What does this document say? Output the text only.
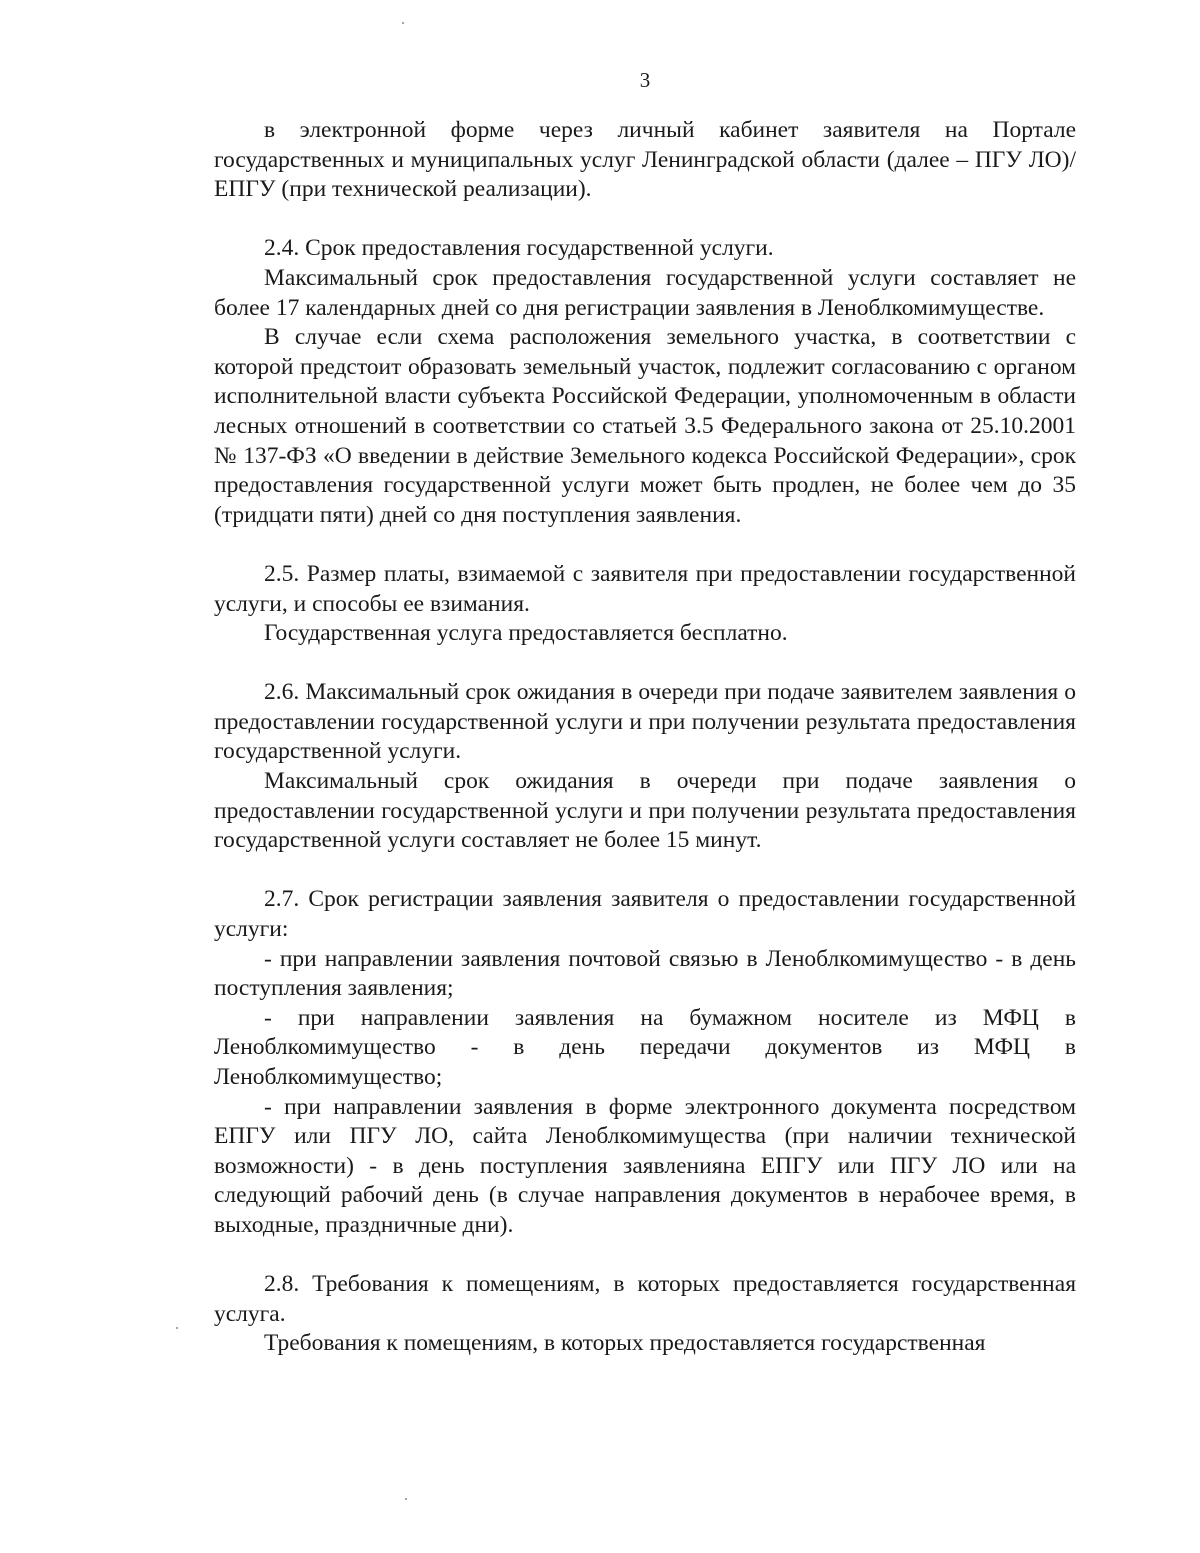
3

в электронной форме через личный кабинет заявителя на Портале государственных и муниципальных услуг Ленинградской области (далее – ПГУ ЛО)/ЕПГУ (при технической реализации).

2.4. Срок предоставления государственной услуги.

Максимальный срок предоставления государственной услуги составляет не более 17 календарных дней со дня регистрации заявления в Леноблкомимуществе.

В случае если схема расположения земельного участка, в соответствии с которой предстоит образовать земельный участок, подлежит согласованию с органом исполнительной власти субъекта Российской Федерации, уполномоченным в области лесных отношений в соответствии со статьей 3.5 Федерального закона от 25.10.2001 № 137-ФЗ «О введении в действие Земельного кодекса Российской Федерации», срок предоставления государственной услуги может быть продлен, не более чем до 35 (тридцати пяти) дней со дня поступления заявления.

2.5. Размер платы, взимаемой с заявителя при предоставлении государственной услуги, и способы ее взимания.

Государственная услуга предоставляется бесплатно.

2.6. Максимальный срок ожидания в очереди при подаче заявителем заявления о предоставлении государственной услуги и при получении результата предоставления государственной услуги.

Максимальный срок ожидания в очереди при подаче заявления о предоставлении государственной услуги и при получении результата предоставления государственной услуги составляет не более 15 минут.

2.7. Срок регистрации заявления заявителя о предоставлении государственной услуги:

- при направлении заявления почтовой связью в Леноблкомимущество - в день поступления заявления;

- при направлении заявления на бумажном носителе из МФЦ в Леноблкомимущество - в день передачи документов из МФЦ в Леноблкомимущество;

- при направлении заявления в форме электронного документа посредством ЕПГУ или ПГУ ЛО, сайта Леноблкомимущества (при наличии технической возможности) - в день поступления заявленияна ЕПГУ или ПГУ ЛО или на следующий рабочий день (в случае направления документов в нерабочее время, в выходные, праздничные дни).

2.8. Требования к помещениям, в которых предоставляется государственная услуга.

Требования к помещениям, в которых предоставляется государственная
